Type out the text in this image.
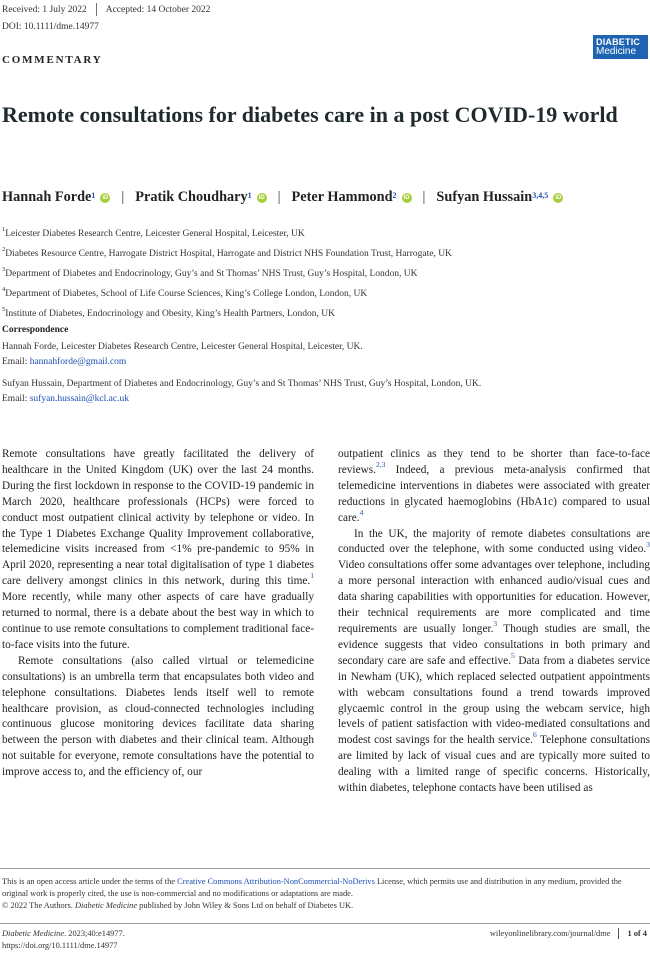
Received: 1 July 2022 Accepted: 14 October 2022
DOI: 10.1111/dme.14977
COMMENTARY
DIABETIC
Medicine
Remote consultations for diabetes care in a post COVID-19 world
Hannah Forde$^1$	iD | Pratik Choudhary$^1$	iD | Peter Hammond$^2$	iD | Sufyan Hussain$^{3,4,5}$	iD
$^1$Leicester Diabetes Research Centre, Leicester General Hospital, Leicester, UK
$^2$Diabetes Resource Centre, Harrogate District Hospital, Harrogate and District NHS Foundation Trust, Harrogate, UK
$^3$Department of Diabetes and Endocrinology, Guy’s and St Thomas’ NHS Trust, Guy’s Hospital, London, UK
$^4$Department of Diabetes, School of Life Course Sciences, King’s College London, London, UK
$^5$Institute of Diabetes, Endocrinology and Obesity, King’s Health Partners, London, UK
Correspondence
Hannah Forde, Leicester Diabetes Research Centre, Leicester General Hospital, Leicester, UK.
Email: hannahforde@gmail.com
Sufyan Hussain, Department of Diabetes and Endocrinology, Guy’s and St Thomas’ NHS Trust, Guy’s Hospital, London, UK.
Email: sufyan.hussain@kcl.ac.uk

Remote consultations have greatly facilitated the delivery of healthcare in the United Kingdom (UK) over the last 24 months. During the first lockdown in response to the COVID-19 pandemic in March 2020, healthcare professionals (HCPs) were forced to conduct most outpatient clinical activity by telephone or video. In the Type 1 Diabetes Exchange Quality Improvement collaborative, telemedicine visits increased from <1% pre-pandemic to 95% in April 2020, representing a near total digitalisation of type 1 diabetes care delivery amongst clinics in this network, during this time.$^1$ More recently, while many other aspects of care have gradually returned to normal, there is a debate about the best way in which to continue to use remote consultations to complement traditional face-to-face visits into the future.

Remote consultations (also called virtual or telemedicine consultations) is an umbrella term that encapsulates both video and telephone consultations. Diabetes lends itself well to remote healthcare provision, as cloud-connected technologies including continuous glucose monitoring devices facilitate data sharing between the person with diabetes and their clinical team. Although not suitable for everyone, remote consultations have the potential to improve access to, and the efficiency of, our

outpatient clinics as they tend to be shorter than face-to-face reviews.$^{2,3}$ Indeed, a previous meta-analysis confirmed that telemedicine interventions in diabetes were associated with greater reductions in glycated haemoglobins (HbA1c) compared to usual care.$^4$

In the UK, the majority of remote diabetes consultations are conducted over the telephone, with some conducted using video.$^3$ Video consultations offer some advantages over telephone, including a more personal interaction with enhanced audio/visual cues and data sharing capabilities with opportunities for education. However, their technical requirements are more complicated and time requirements are usually longer.$^3$ Though studies are small, the evidence suggests that video consultations in both primary and secondary care are safe and effective.$^5$ Data from a diabetes service in Newham (UK), which replaced selected outpatient appointments with webcam consultations found a trend towards improved glycaemic control in the group using the webcam service, high levels of patient satisfaction with video-mediated consultations and modest cost savings for the health service.$^6$ Telephone consultations are limited by lack of visual cues and are typically more suited to dealing with a limited range of specific concerns. Historically, within diabetes, telephone contacts have been utilised as

This is an open access article under the terms of the Creative Commons Attribution-NonCommercial-NoDerivs License, which permits use and distribution in any medium, provided the original work is properly cited, the use is non-commercial and no modifications or adaptations are made.
© 2022 The Authors. Diabetic Medicine published by John Wiley & Sons Ltd on behalf of Diabetes UK.
Diabetic Medicine. 2023;40:e14977.
https://doi.org/10.1111/dme.14977
wileyonlinelibrary.com/journal/dme 1 of 4
